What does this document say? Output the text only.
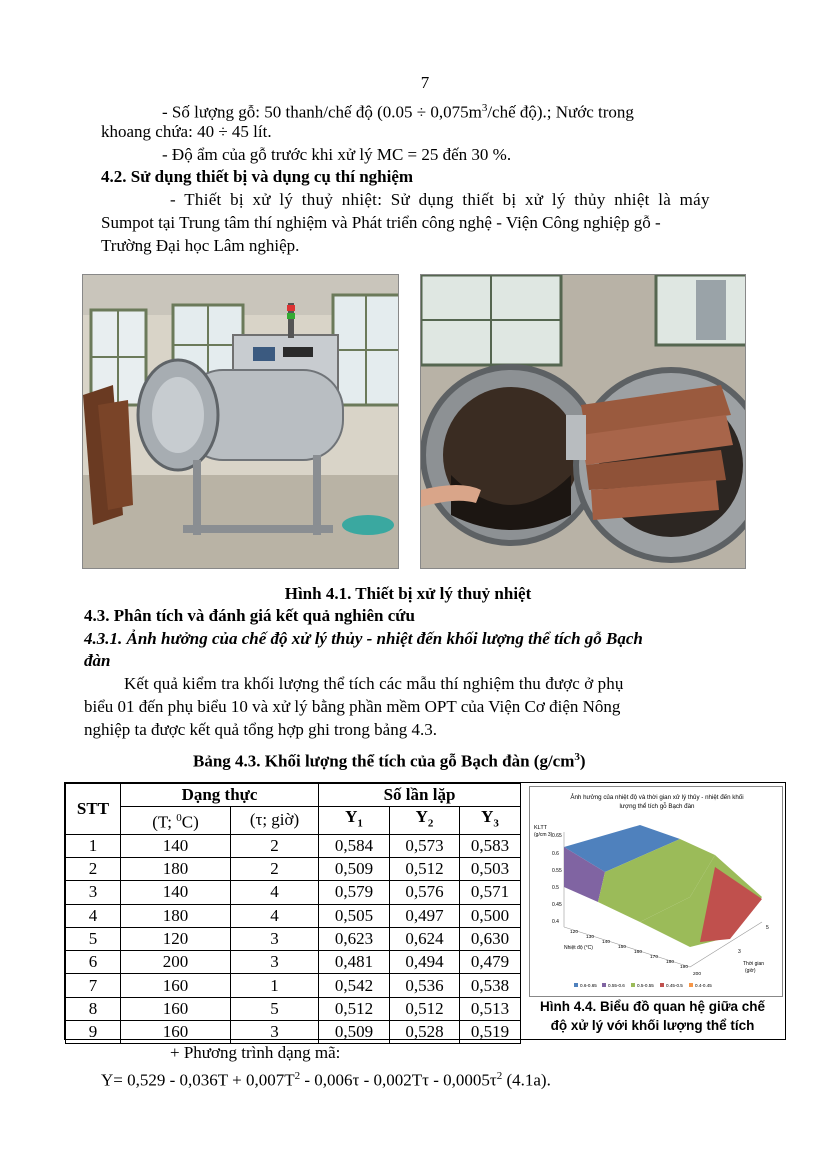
7
- Số lượng gỗ: 50 thanh/chế độ ($0.05 \div 0,075m^3$/chế độ).; Nước trong
khoang chứa: 40 ÷ 45 lít.
- Độ ẩm của gỗ trước khi xử lý MC = 25 đến 30 %.
4.2. Sử dụng thiết bị và dụng cụ thí nghiệm
- Thiết bị xử lý thuỷ nhiệt: Sử dụng thiết bị xử lý thủy nhiệt là máy
Sumpot tại Trung tâm thí nghiệm và Phát triển công nghệ - Viện Công nghiệp gỗ -
Trường Đại học Lâm nghiệp.
Hình 4.1. Thiết bị xử lý thuỷ nhiệt
4.3. Phân tích và đánh giá kết quả nghiên cứu
4.3.1. Ảnh hưởng của chế độ xử lý thủy - nhiệt đến khối lượng thể tích gỗ Bạch
đàn
Kết quả kiểm tra khối lượng thể tích các mẫu thí nghiệm thu được ở phụ
biểu 01 đến phụ biểu 10 và xử lý bằng phần mềm OPT của Viện Cơ điện Nông
nghiệp ta được kết quả tổng hợp ghi trong bảng 4.3.
Bảng 4.3. Khối lượng thể tích của gỗ Bạch đàn $(g/cm^3)$
STT	Dạng thực		Số lần lặp		
	(T; $^0$C)	(τ; giờ)	$Y_1$	$Y_2$	$Y_3$
1	140	2	0,584	0,573	0,583
2	180	2	0,509	0,512	0,503
3	140	4	0,579	0,576	0,571
4	180	4	0,505	0,497	0,500
5	120	3	0,623	0,624	0,630
6	200	3	0,481	0,494	0,479
7	160	1	0,542	0,536	0,538
8	160	5	0,512	0,512	0,513
9	160	3	0,509	0,528	0,519
Ảnh hưởng của nhiệt độ và thời gian xử lý thủy - nhiệt đến khối
lượng thể tích gỗ Bạch đàn
KLTT
(g/cm 3) 0.65
0.6
0.55
0.5
0.45
0.4
120
130
140
150
160
170
180
190
200
5
3
Nhiệt độ (°C)
Thời gian
(giờ)
0.6-0.65 0.55-0.6	0.5-0.55	0.45-0.5	0.4-0.45
Hình 4.4. Biểu đồ quan hệ giữa chế
độ xử lý với khối lượng thể tích
+ Phương trình dạng mã:
$Y= 0,529 - 0,036T + 0,007T^2 - 0,006\tau - 0,002T\tau - 0,0005\tau^2$ (4.1a).
